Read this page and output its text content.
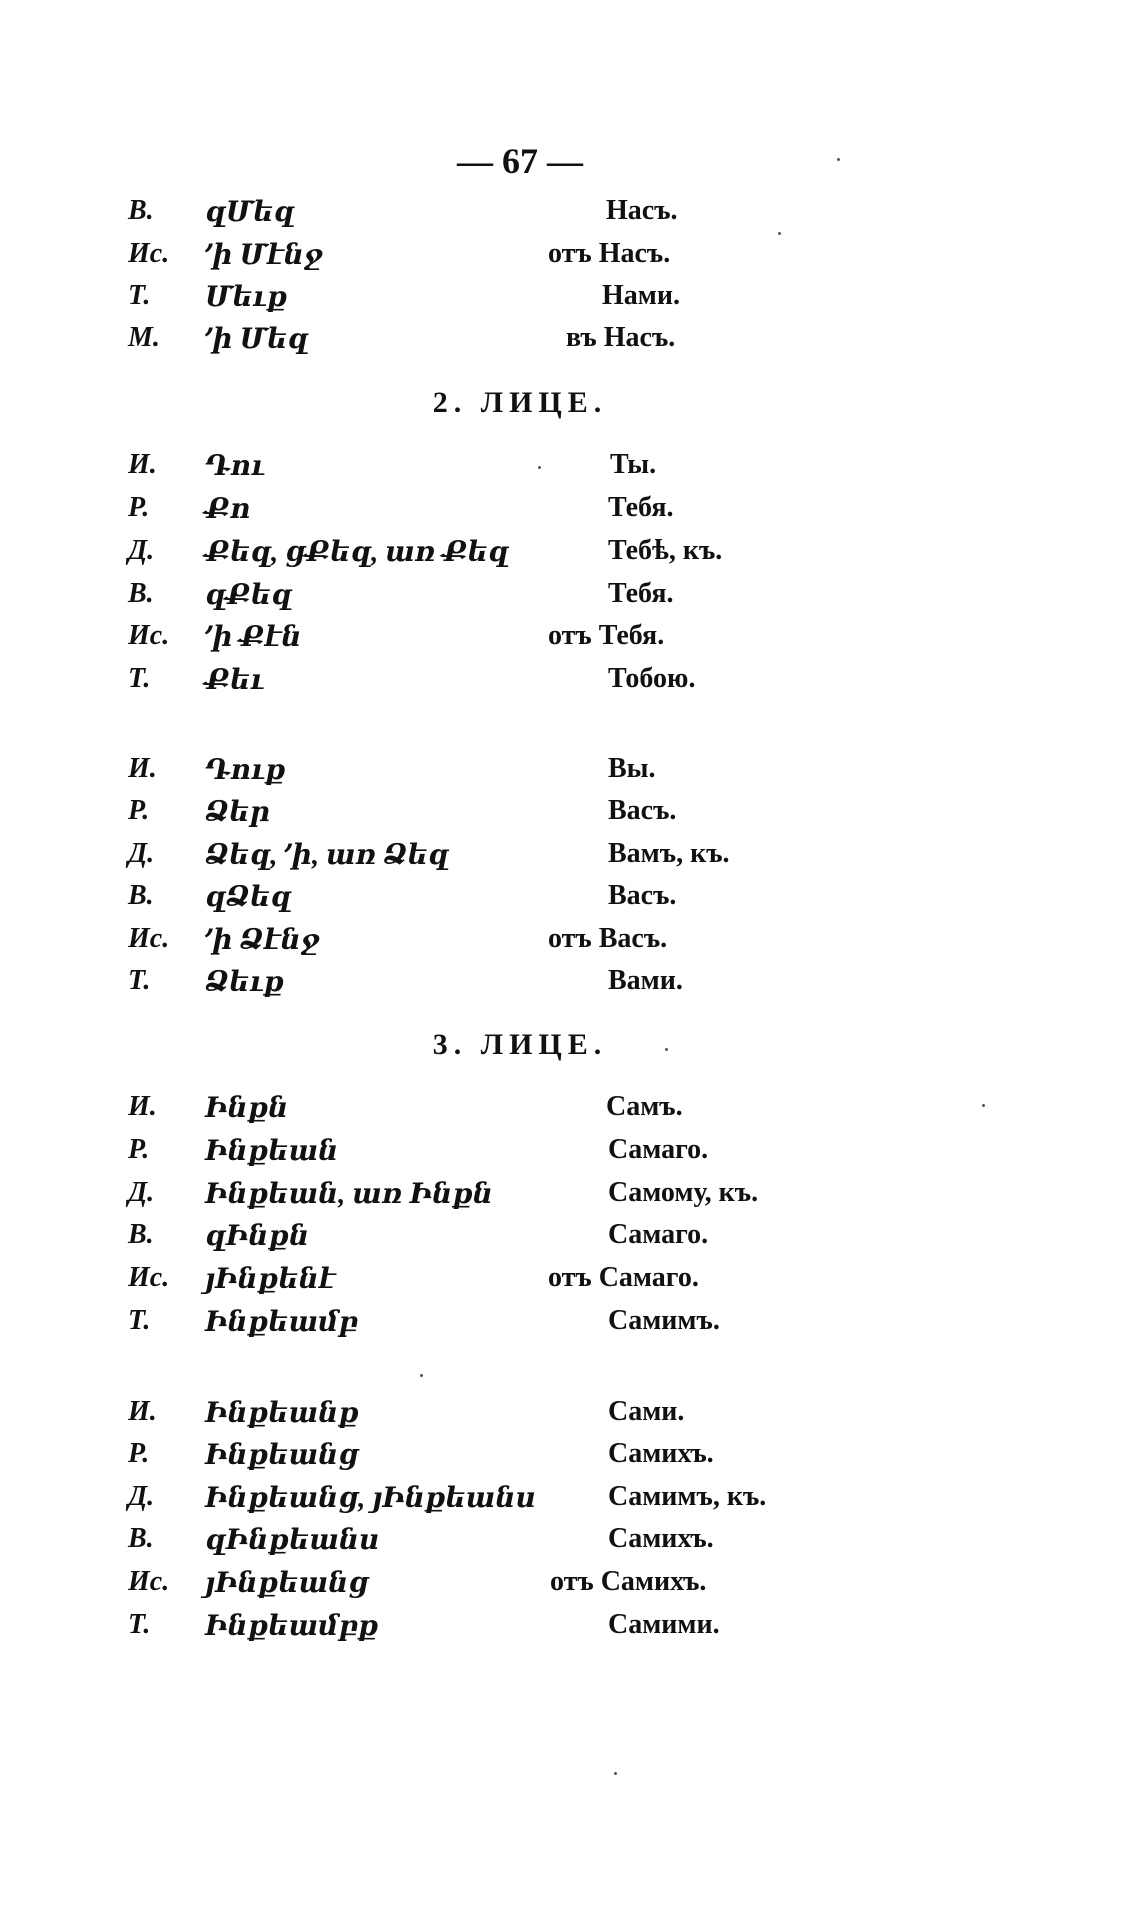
— 67 —
В. զՄեզ	Насъ.
Ис. ՚ի Մէնջ	отъ Насъ.
Т. Մեւք	Нами.
М. ՚ի Մեզ	въ Насъ.
2. ЛИЦЕ.
И. Դու	Ты.
Р. Քո	Тебя.
Д. Քեզ, ցՔեզ, առ Քեզ	Тебѣ, къ.
В. զՔեզ	Тебя.
Ис. ՚ի Քէն	отъ Тебя.
Т. Քեւ	Тобою.
И. Դուք	Вы.
Р. Ձեր	Васъ.
Д. Ձեզ, ՚ի, առ Ձեզ	Вамъ, къ.
В. զՁեզ	Васъ.
Ис. ՚ի Ձէնջ	отъ Васъ.
Т. Ձեւք	Вами.
3. ЛИЦЕ.
И. Ինքն	Самъ.
Р. Ինքեան	Самаго.
Д. Ինքեան, առ Ինքն	Самому, къ.
В. զԻնքն	Самаго.
Ис. յԻնքենէ	отъ Самаго.
Т. Ինքեամբ	Самимъ.
И. Ինքեանք	Сами.
Р. Ինքեանց	Самихъ.
Д. Ինքեանց, յԻնքեանս	Самимъ, къ.
В. զԻնքեանս	Самихъ.
Ис. յԻնքեանց	отъ Самихъ.
Т. Ինքեամբք	Самими.
